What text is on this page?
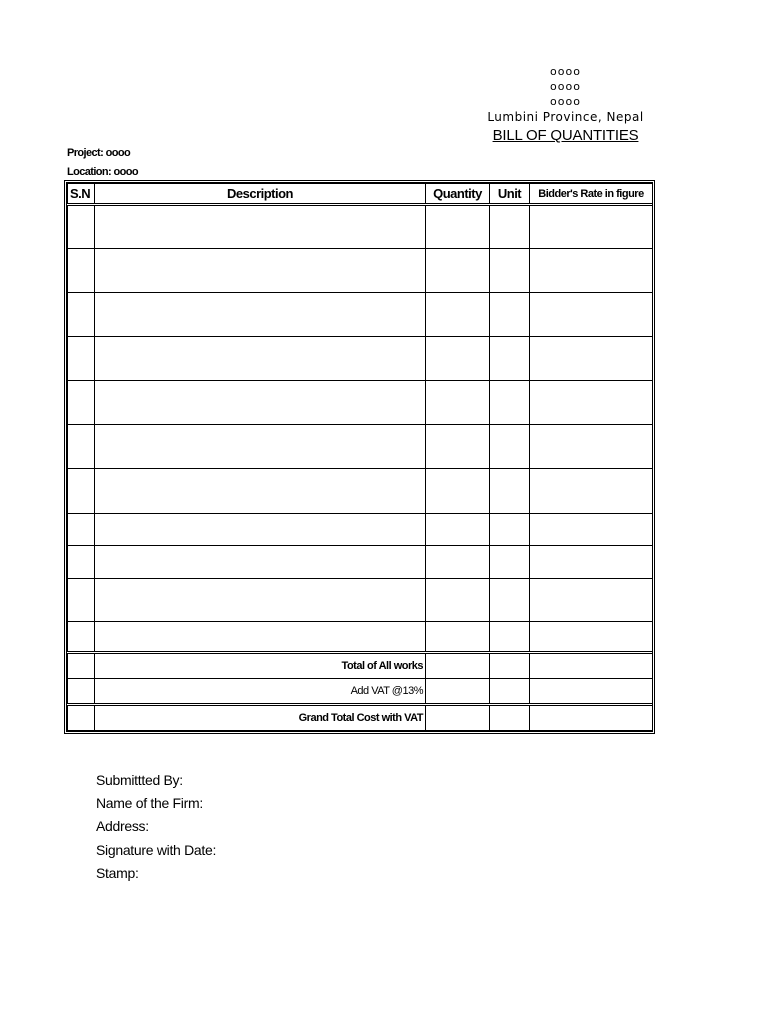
oooo
oooo
oooo
Lumbini Province, Nepal
BILL OF QUANTITIES
Project: oooo
Location: oooo
S.N	Description	Quantity	Unit	Bidder's Rate in figure

	Total of All works			
	Add VAT @13%			
	Grand Total Cost with VAT			
Submittted By:
Name of the Firm:
Address:
Signature with Date:
Stamp:
